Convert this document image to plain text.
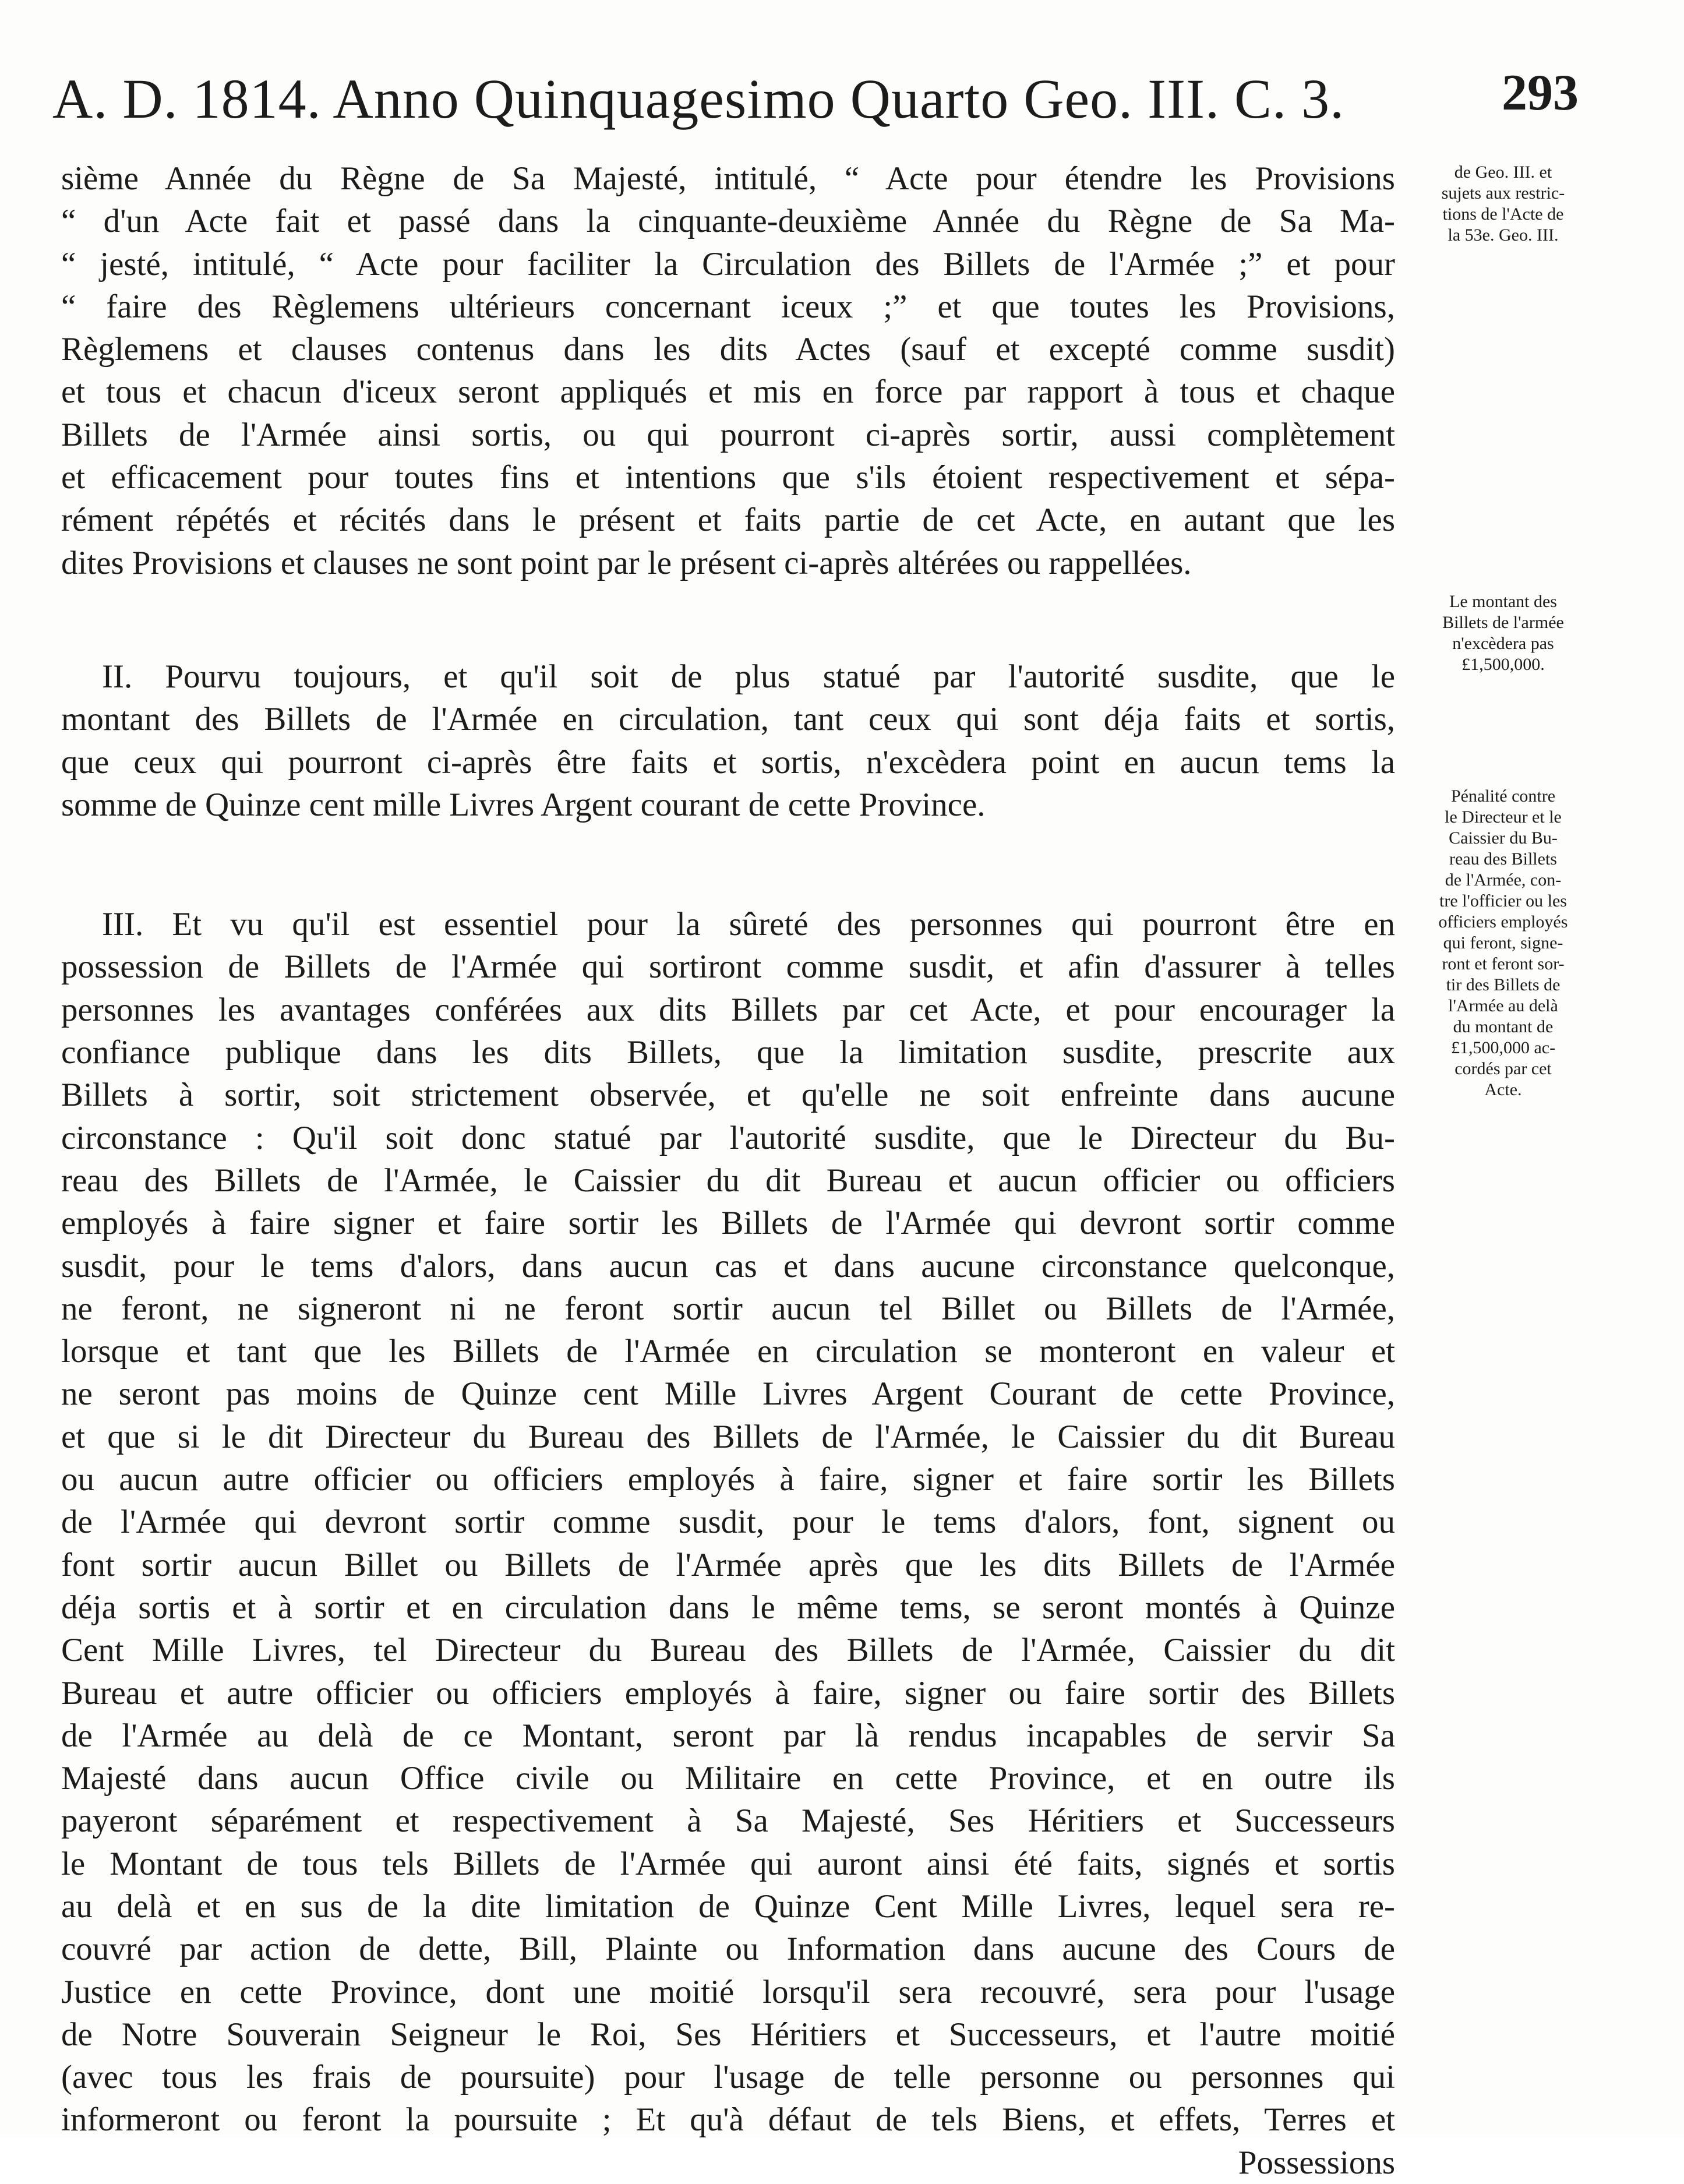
A. D. 1814. Anno Quinquagesimo Quarto Geo. III. C. 3.	293
sième Année du Règne de Sa Majesté, intitulé, “ Acte pour étendre les Provisions
“ d'un Acte fait et passé dans la cinquante-deuxième Année du Règne de Sa Ma-
“ jesté, intitulé, “ Acte pour faciliter la Circulation des Billets de l'Armée ;” et pour
“ faire des Règlemens ultérieurs concernant iceux ;” et que toutes les Provisions,
Règlemens et clauses contenus dans les dits Actes (sauf et excepté comme susdit)
et tous et chacun d'iceux seront appliqués et mis en force par rapport à tous et chaque
Billets de l'Armée ainsi sortis, ou qui pourront ci-après sortir, aussi complètement
et efficacement pour toutes fins et intentions que s'ils étoient respectivement et sépa-
rément répétés et récités dans le présent et faits partie de cet Acte, en autant que les
dites Provisions et clauses ne sont point par le présent ci-après altérées ou rappellées.
II. Pourvu toujours, et qu'il soit de plus statué par l'autorité susdite, que le
montant des Billets de l'Armée en circulation, tant ceux qui sont déja faits et sortis,
que ceux qui pourront ci-après être faits et sortis, n'excèdera point en aucun tems la
somme de Quinze cent mille Livres Argent courant de cette Province.
III. Et vu qu'il est essentiel pour la sûreté des personnes qui pourront être en
possession de Billets de l'Armée qui sortiront comme susdit, et afin d'assurer à telles
personnes les avantages conférées aux dits Billets par cet Acte, et pour encourager la
confiance publique dans les dits Billets, que la limitation susdite, prescrite aux
Billets à sortir, soit strictement observée, et qu'elle ne soit enfreinte dans aucune
circonstance : Qu'il soit donc statué par l'autorité susdite, que le Directeur du Bu-
reau des Billets de l'Armée, le Caissier du dit Bureau et aucun officier ou officiers
employés à faire signer et faire sortir les Billets de l'Armée qui devront sortir comme
susdit, pour le tems d'alors, dans aucun cas et dans aucune circonstance quelconque,
ne feront, ne signeront ni ne feront sortir aucun tel Billet ou Billets de l'Armée,
lorsque et tant que les Billets de l'Armée en circulation se monteront en valeur et
ne seront pas moins de Quinze cent Mille Livres Argent Courant de cette Province,
et que si le dit Directeur du Bureau des Billets de l'Armée, le Caissier du dit Bureau
ou aucun autre officier ou officiers employés à faire, signer et faire sortir les Billets
de l'Armée qui devront sortir comme susdit, pour le tems d'alors, font, signent ou
font sortir aucun Billet ou Billets de l'Armée après que les dits Billets de l'Armée
déja sortis et à sortir et en circulation dans le même tems, se seront montés à Quinze
Cent Mille Livres, tel Directeur du Bureau des Billets de l'Armée, Caissier du dit
Bureau et autre officier ou officiers employés à faire, signer ou faire sortir des Billets
de l'Armée au delà de ce Montant, seront par là rendus incapables de servir Sa
Majesté dans aucun Office civile ou Militaire en cette Province, et en outre ils
payeront séparément et respectivement à Sa Majesté, Ses Héritiers et Successeurs
le Montant de tous tels Billets de l'Armée qui auront ainsi été faits, signés et sortis
au delà et en sus de la dite limitation de Quinze Cent Mille Livres, lequel sera re-
couvré par action de dette, Bill, Plainte ou Information dans aucune des Cours de
Justice en cette Province, dont une moitié lorsqu'il sera recouvré, sera pour l'usage
de Notre Souverain Seigneur le Roi, Ses Héritiers et Successeurs, et l'autre moitié
(avec tous les frais de poursuite) pour l'usage de telle personne ou personnes qui
informeront ou feront la poursuite ; Et qu'à défaut de tels Biens, et effets, Terres et
Possessions
de Geo. III. et
sujets aux restric-
tions de l'Acte de
la 53e. Geo. III.
Le montant des
Billets de l'armée
n'excèdera pas
£1,500,000.
Pénalité contre
le Directeur et le
Caissier du Bu-
reau des Billets
de l'Armée, con-
tre l'officier ou les
officiers employés
qui feront, signe-
ront et feront sor-
tir des Billets de
l'Armée au delà
du montant de
£1,500,000 ac-
cordés par cet
Acte.
